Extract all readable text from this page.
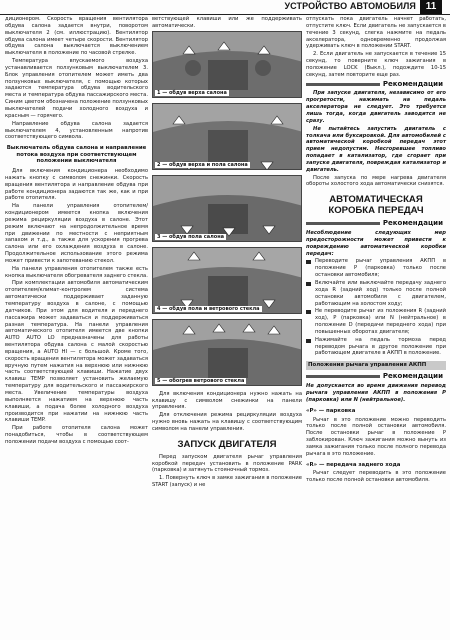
УСТРОЙСТВО АВТОМОБИЛЯ 11

диционером. Скорость вращения вентилятора обдува салона задается внутри, поворотом выключателя 2 (см. иллюстрацию). Вентилятор обдува салона имеет четыре скорости. Вентилятор обдува салона выключается выключением выключателя в положение по часовой стрелке.

Температура впускаемого воздуха устанавливается ползунковым выключателем 3. Блок управления отопителем может иметь два ползунковых выключателя, с помощью которых задаются температура обдува водительского места и температура обдува пассажирского места. Синим цветом обозначена положение ползунковых выключателей подачи холодного воздуха и красным — горячего.

Направление обдува салона задается выключателем 4, установленным напротив соответствующего символа.

Выключатель обдува салона и направление потока воздуха при соответствующем положении выключателя

Для включения кондиционера необходимо нажать кнопку с символом снежинки. Скорость вращения вентилятора и направление обдува при работе кондиционера задаются так же, как и при работе отопителя.

На панели управления отопителем/кондиционером имеется кнопка включения режима рециркуляции воздуха в салоне. Этот режим включают на непродолжительное время при движении по местности с неприятным запахом и т.д., а также для ускорения прогрева салона или его охлаждения воздуха в салоне. Продолжительное использование этого режима может привести к запотеванию стекол.

На панели управления отопителем также есть кнопка выключателя обогревателя заднего стекла.

При комплектации автомобиля автоматическим отопителем/климат-контролем система автоматически поддерживает заданную температуру воздуха в салоне, с помощью датчиков. При этом для водителя и переднего пассажира может задаваться и поддерживаться разная температура. На панели управления автоматического отопителя имеется две кнопки AUTO AUTO LO предназначены для работы вентилятора обдува салона с малой скоростью вращения, а AUTO HI — с большой. Кроме того, скорость вращения вентилятора может задаваться вручную путем нажатия на верхнюю или нижнюю часть соответствующей клавиши. Нажатие двух клавиш TEMP позволяет установить желаемую температуру для водительского и пассажирского места. Увеличение температуры воздуха выполняется нажатием на верхнюю часть клавиши, а подача более холодного воздуха производится при нажатии на нижнюю часть клавиши TEMP.

При работе отопителя салона может понадобиться, чтобы в соответствующем положении подачи воздуха с помощью соот-

ветствующей клавиши или же поддерживать автоматически.

1 — обдув верха салона
2 — обдув верха и пола салона
3 — обдув пола салона
4 — обдув пола и ветрового стекла
5 — обогрев ветрового стекла

Для включения кондиционера нужно нажать на клавишу с символом снежинки на панели управления.

Для отключения режима рециркуляции воздуха нужно вновь нажать на клавишу с соответствующим символом на панели управления.

ЗАПУСК ДВИГАТЕЛЯ

Перед запуском двигателя рычаг управления коробкой передач установить в положение PARK (парковка) и затянуть стояночный тормоз.

1. Повернуть ключ в замке зажигания в положение START (запуск) и не

отпускать пока двигатель начнет работать, отпустите ключ. Если двигатель не запускается в течение 3 секунд, слегка нажмите на педаль акселератора, одновременно продолжая удерживать ключ в положении START.

2. Если двигатель не запускается в течение 15 секунд, то поверните ключ зажигания в положение LOCK (Выкл.), подождите 10-15 секунд, затем повторите еще раз.

Рекомендации

При запуске двигателя, независимо от его прогретости, нажимать на педаль акселератора не следует. Это требуется лишь тогда, когда двигатель заводится не сразу.

Не пытайтесь запустить двигатель с толкача или буксировкой. Для автомобилей с автоматической коробкой передач этот прием недопустим. Несгоревшее топливо попадает в катализатор, где сгорает при запуске двигателя, повреждая катализатор и двигатель.

После запуска по мере нагрева двигателя обороты холостого хода автоматически снизятся.

АВТОМАТИЧЕСКАЯ КОРОБКА ПЕРЕДАЧ
Рекомендации

Несоблюдение следующих мер предосторожности может привести к повреждению автоматической коробки передач:

Переводите рычаг управления АКПП в положение P (парковка) только после остановки автомобиля;
Включайте или выключайте передачу заднего хода R (задний ход) только после полной остановки автомобиля с двигателем, работающим на холостом ходу;
Не переводите рычаг из положения R (задний ход), P (парковка) или N (нейтральное) в положение D (передачи переднего хода) при повышенных оборотах двигателя;
Нажимайте на педаль тормоза перед переводом рычага в другое положение при работающем двигателе в АКПП в положение.
Положения рычага управления АКПП
Рекомендации

Не допускается во время движения перевод рычага управления АКПП в положения P (парковка) или N (нейтральное).

«P» — парковка

Рычаг в это положение можно переводить только после полной остановки автомобиля. После остановки рычаг в положение P заблокирован. Ключ зажигания можно вынуть из замка зажигания только после полного перевода рычага в это положение.

«R» — передача заднего хода

Рычаг следует переводить в это положение только после полной остановки автомобиля.
